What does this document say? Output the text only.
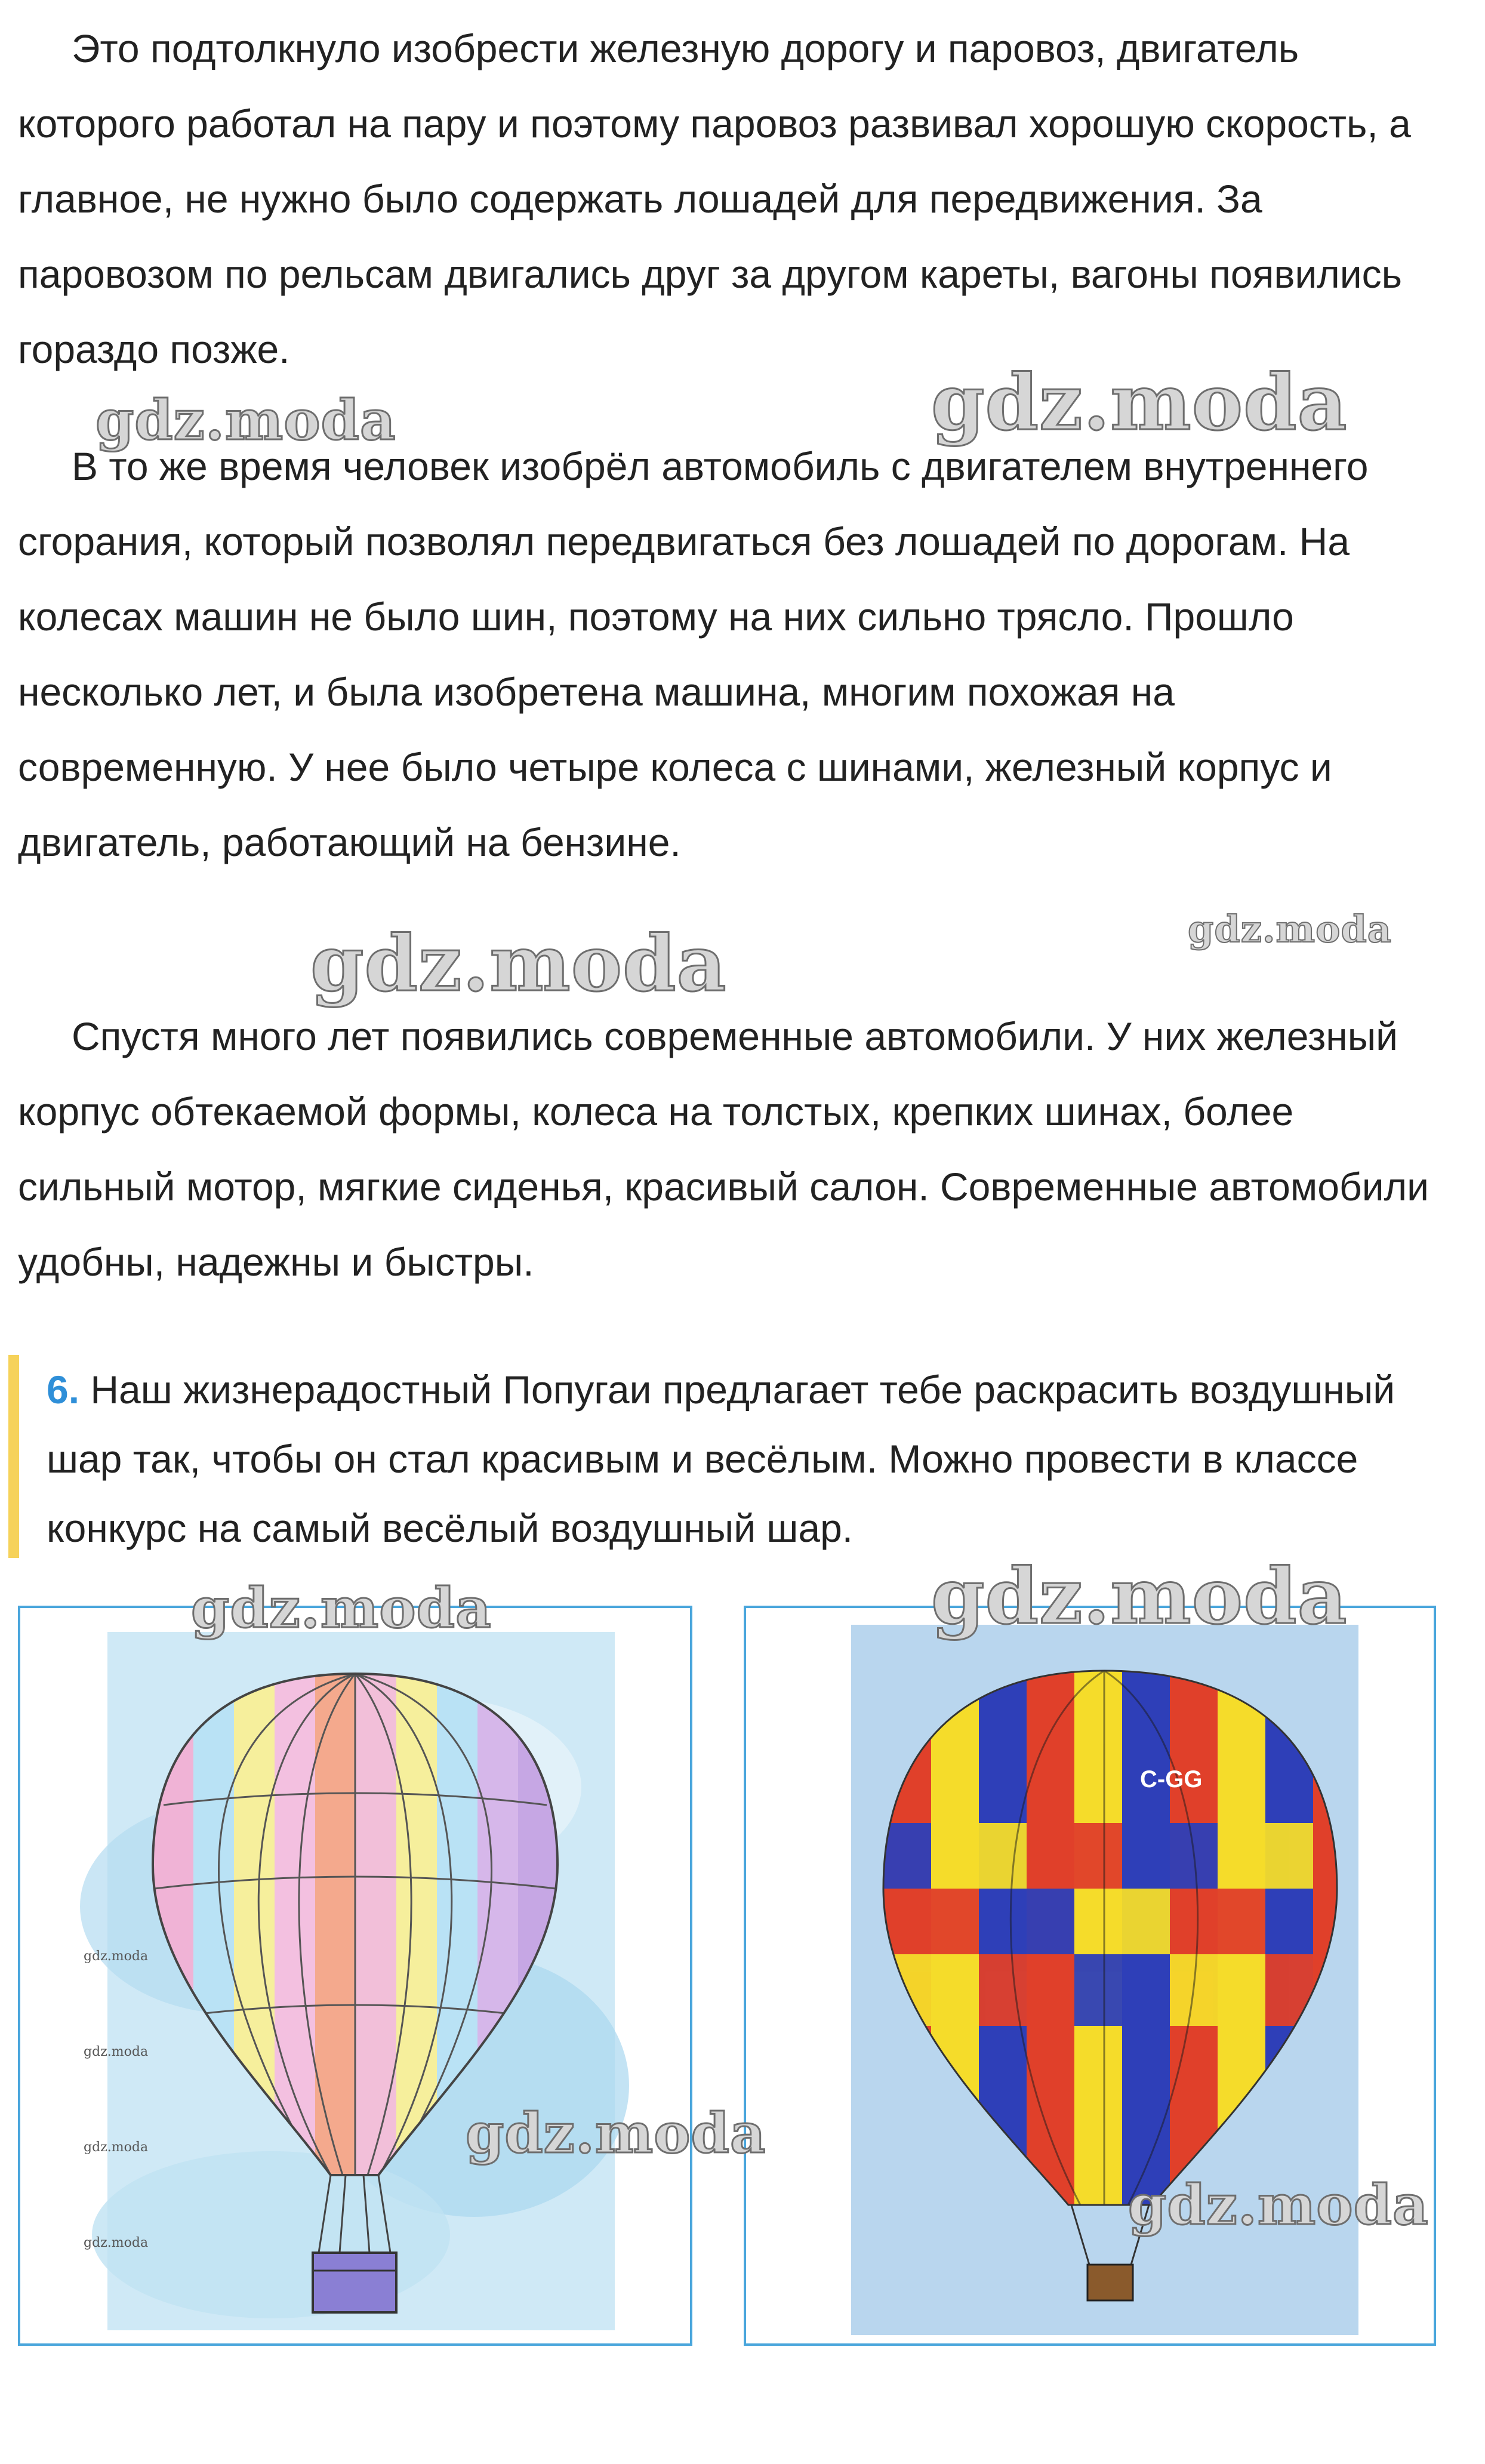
Это подтолкнуло изобрести железную дорогу и паровоз, двигатель которого работал на пару и поэтому паровоз развивал хорошую скорость, а главное, не нужно было содержать лошадей для передвижения. За паровозом по рельсам двигались друг за другом кареты, вагоны появились гораздо позже.

В то же время человек изобрёл автомобиль с двигателем внутреннего сгорания, который позволял передвигаться без лошадей по дорогам. На колесах машин не было шин, поэтому на них сильно трясло. Прошло несколько лет, и была изобретена машина, многим похожая на современную. У нее было четыре колеса с шинами, железный корпус и двигатель, работающий на бензине.

Спустя много лет появились современные автомобили. У них железный корпус обтекаемой формы, колеса на толстых, крепких шинах, более сильный мотор, мягкие сиденья, красивый салон. Современные автомобили удобны, надежны и быстры.

6. Наш жизнерадостный Попугаи предлагает тебе раскрасить воздушный шар так, чтобы он стал красивым и весёлым. Можно провести в классе конкурс на самый весёлый воздушный шар.

C-GG
gdz.moda	gdz.moda
gdz.moda
gdz.moda
gdz.moda	gdz.moda
gdz.moda
gdz.moda
gdz.moda
gdz.moda
gdz.moda
gdz.moda
